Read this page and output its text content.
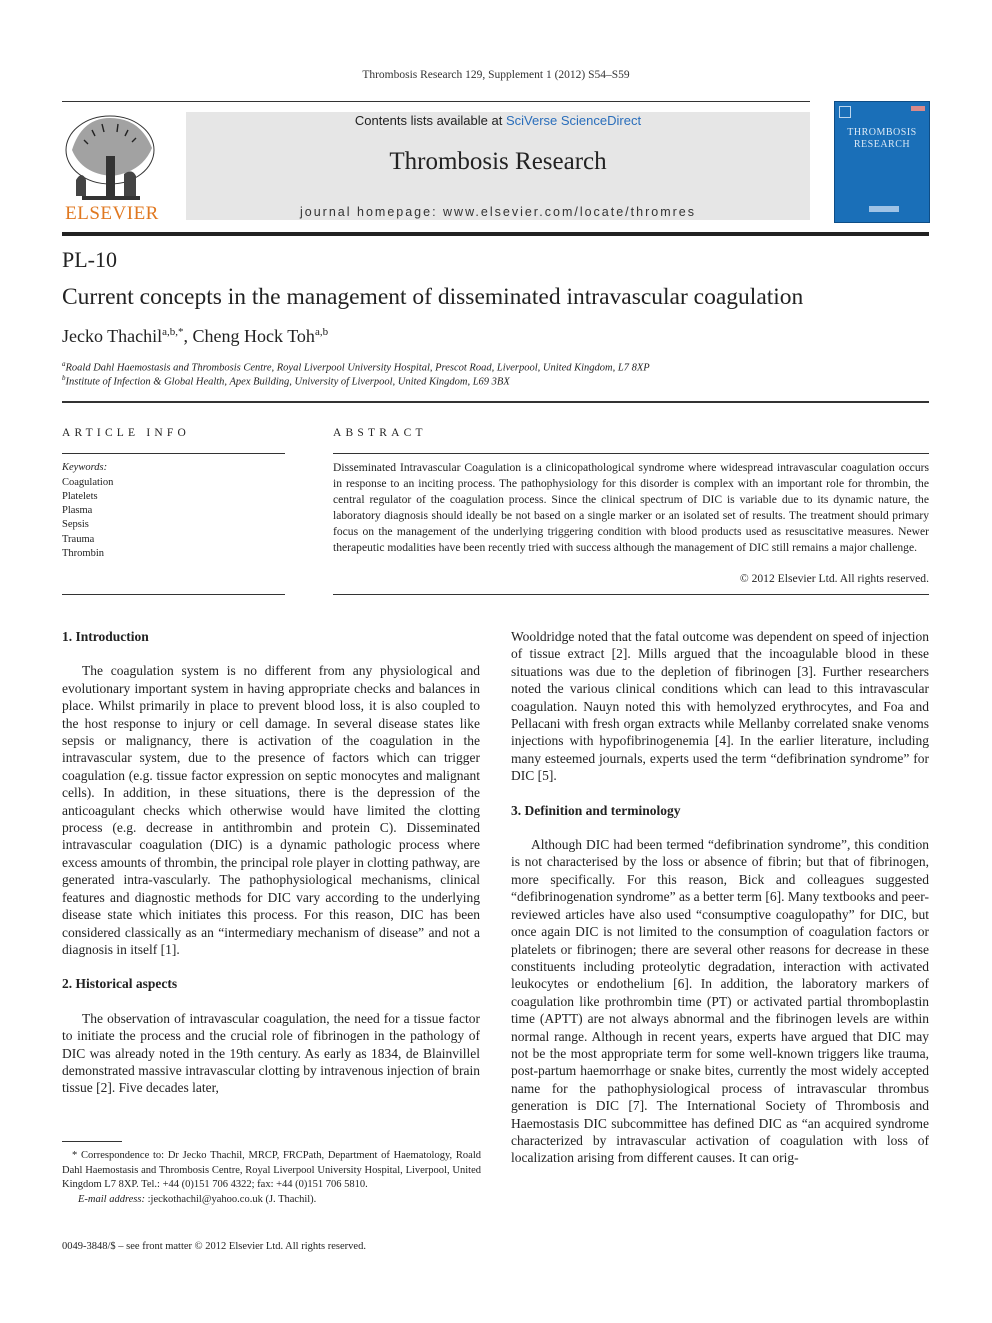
Thrombosis Research 129, Supplement 1 (2012) S54–S59
ELSEVIER
Contents lists available at SciVerse ScienceDirect
Thrombosis Research
journal homepage: www.elsevier.com/locate/thromres
THROMBOSIS
RESEARCH
PL-10
Current concepts in the management of disseminated intravascular coagulation
Jecko Thachil$^{a,b,*}$, Cheng Hock Toh$^{a,b}$
$^a$Roald Dahl Haemostasis and Thrombosis Centre, Royal Liverpool University Hospital, Prescot Road, Liverpool, United Kingdom, L7 8XP
$^b$Institute of Infection & Global Health, Apex Building, University of Liverpool, United Kingdom, L69 3BX
ARTICLE INFO
Keywords:
Coagulation
Platelets
Plasma
Sepsis
Trauma
Thrombin
ABSTRACT
Disseminated Intravascular Coagulation is a clinicopathological syndrome where widespread intravascular coagulation occurs in response to an inciting process. The pathophysiology for this disorder is complex with an important role for thrombin, the central regulator of the coagulation process. Since the clinical spectrum of DIC is variable due to its dynamic nature, the laboratory diagnosis should ideally be not based on a single marker or an isolated set of results. The treatment should primary focus on the management of the underlying triggering condition with blood products used as resuscitative measures. Newer therapeutic modalities have been recently tried with success although the management of DIC still remains a major challenge.
© 2012 Elsevier Ltd. All rights reserved.
1. Introduction

The coagulation system is no different from any physiological and evolutionary important system in having appropriate checks and balances in place. Whilst primarily in place to prevent blood loss, it is also coupled to the host response to injury or cell damage. In several disease states like sepsis or malignancy, there is activation of the coagulation in the intravascular system, due to the presence of factors which can trigger coagulation (e.g. tissue factor expression on septic monocytes and malignant cells). In addition, in these situations, there is the depression of the anticoagulant checks which otherwise would have limited the clotting process (e.g. decrease in antithrombin and protein C). Disseminated intravascular coagulation (DIC) is a dynamic pathologic process where excess amounts of thrombin, the principal role player in clotting pathway, are generated intra-vascularly. The pathophysiological mechanisms, clinical features and diagnostic methods for DIC vary according to the underlying disease state which initiates this process. For this reason, DIC has been considered classically as an “intermediary mechanism of disease” and not a diagnosis in itself [1].

2. Historical aspects

The observation of intravascular coagulation, the need for a tissue factor to initiate the process and the crucial role of fibrinogen in the pathology of DIC was already noted in the 19th century. As early as 1834, de Blainvillel demonstrated massive intravascular clotting by intravenous injection of brain tissue [2]. Five decades later,

Wooldridge noted that the fatal outcome was dependent on speed of injection of tissue extract [2]. Mills argued that the incoagulable blood in these situations was due to the depletion of fibrinogen [3]. Further researchers noted the various clinical conditions which can lead to this intravascular coagulation. Nauyn noted this with hemolyzed erythrocytes, and Foa and Pellacani with fresh organ extracts while Mellanby correlated snake venoms injections with hypofibrinogenemia [4]. In the earlier literature, including many esteemed journals, experts used the term “defibrination syndrome” for DIC [5].

3. Definition and terminology

Although DIC had been termed “defibrination syndrome”, this condition is not characterised by the loss or absence of fibrin; but that of fibrinogen, more specifically. For this reason, Bick and colleagues suggested “defibrinogenation syndrome” as a better term [6]. Many textbooks and peer-reviewed articles have also used “consumptive coagulopathy” for DIC, but once again DIC is not limited to the consumption of coagulation factors or platelets or fibrinogen; there are several other reasons for decrease in these constituents including proteolytic degradation, interaction with activated leukocytes or endothelium [6]. In addition, the laboratory markers of coagulation like prothrombin time (PT) or activated partial thromboplastin time (APTT) are not always abnormal and the fibrinogen levels are within normal range. Although in recent years, experts have argued that DIC may not be the most appropriate term for some well-known triggers like trauma, post-partum haemorrhage or snake bites, currently the most widely accepted name for the pathophysiological process of intravascular thrombus generation is DIC [7]. The International Society of Thrombosis and Haemostasis DIC subcommittee has defined DIC as “an acquired syndrome characterized by intravascular activation of coagulation with loss of localization arising from different causes. It can orig-

* Correspondence to: Dr Jecko Thachil, MRCP, FRCPath, Department of Haematology, Roald Dahl Haemostasis and Thrombosis Centre, Royal Liverpool University Hospital, Liverpool, United Kingdom L7 8XP. Tel.: +44 (0)151 706 4322; fax: +44 (0)151 706 5810.
E-mail address: :jeckothachil@yahoo.co.uk (J. Thachil).
0049-3848/$ – see front matter © 2012 Elsevier Ltd. All rights reserved.
